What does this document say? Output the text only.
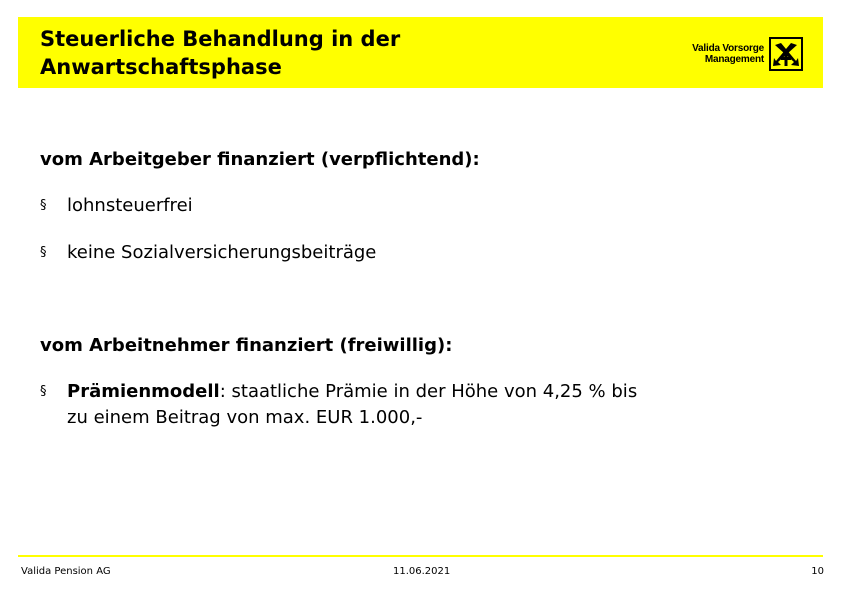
Steuerliche Behandlung in der
Anwartschaftsphase
Valida Vorsorge
Management
vom Arbeitgeber finanziert (verpflichtend):
§ lohnsteuerfrei
§ keine Sozialversicherungsbeiträge
vom Arbeitnehmer finanziert (freiwillig):
§ Prämienmodell: staatliche Prämie in der Höhe von 4,25 % bis
zu einem Beitrag von max. EUR 1.000,-
Valida Pension AG	11.06.2021	10
